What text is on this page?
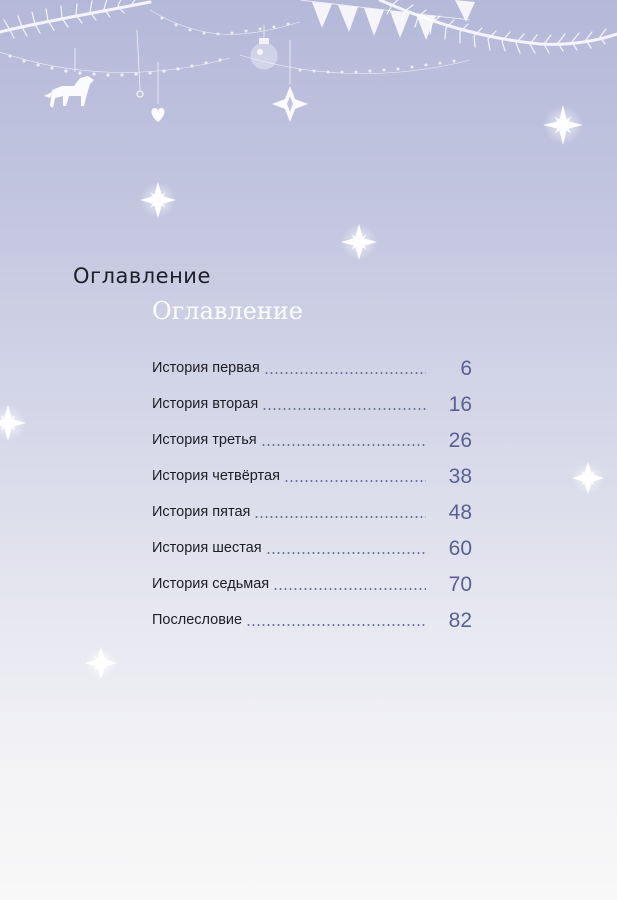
Оглавление
Оглавление
История первая	6
История вторая	16
История третья	26
История четвёртая	38
История пятая	48
История шестая	60
История седьмая	70
Послесловие	82
